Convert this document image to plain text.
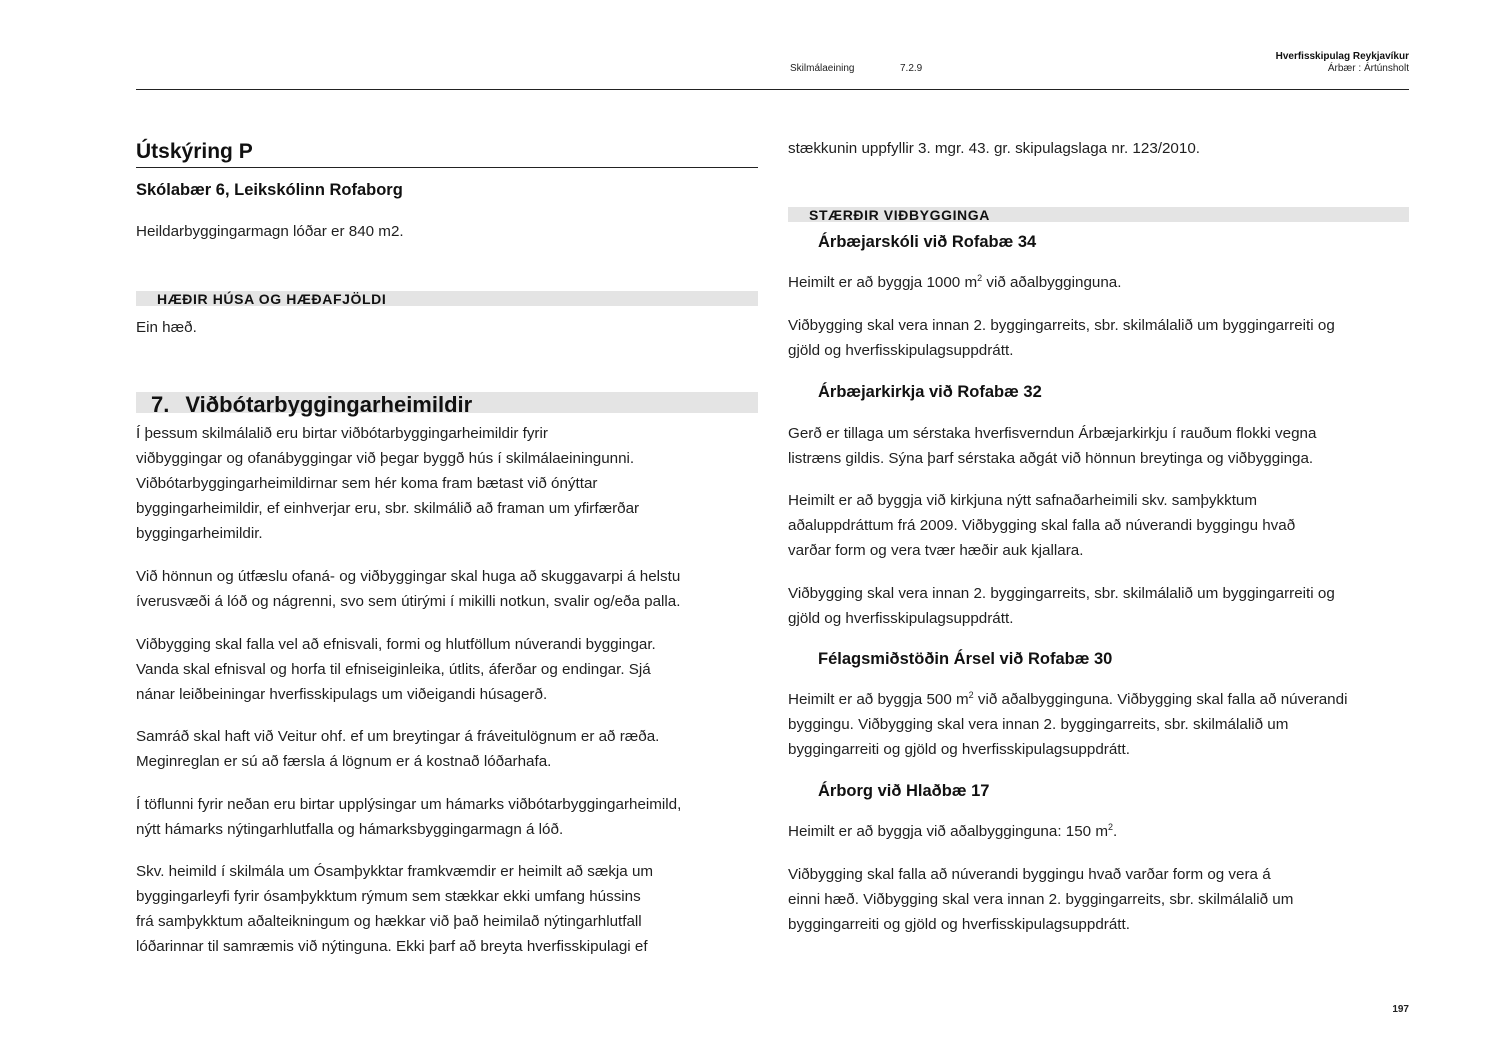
Skilmálaeining	7.2.9
Hverfisskipulag Reykjavíkur
Árbær : Ártúnsholt
Útskýring P
Skólabær 6, Leikskólinn Rofaborg

Heildarbyggingarmagn lóðar er 840 m2.

HÆÐIR HÚSA OG HÆÐAFJÖLDI

Ein hæð.

7. Viðbótarbyggingarheimildir
Í þessum skilmálalið eru birtar viðbótarbyggingarheimildir fyrir
viðbyggingar og ofanábyggingar við þegar byggð hús í skilmálaeiningunni.
Viðbótarbyggingarheimildirnar sem hér koma fram bætast við ónýttar
byggingarheimildir, ef einhverjar eru, sbr. skilmálið að framan um yfirfærðar
byggingarheimildir.
Við hönnun og útfæslu ofaná- og viðbyggingar skal huga að skuggavarpi á helstu
íverusvæði á lóð og nágrenni, svo sem útirými í mikilli notkun, svalir og/eða palla.
Viðbygging skal falla vel að efnisvali, formi og hlutföllum núverandi byggingar.
Vanda skal efnisval og horfa til efniseiginleika, útlits, áferðar og endingar. Sjá
nánar leiðbeiningar hverfisskipulags um viðeigandi húsagerð.
Samráð skal haft við Veitur ohf. ef um breytingar á fráveitulögnum er að ræða.
Meginreglan er sú að færsla á lögnum er á kostnað lóðarhafa.
Í töflunni fyrir neðan eru birtar upplýsingar um hámarks viðbótarbyggingarheimild,
nýtt hámarks nýtingarhlutfalla og hámarksbyggingarmagn á lóð.
Skv. heimild í skilmála um Ósamþykktar framkvæmdir er heimilt að sækja um
byggingarleyfi fyrir ósamþykktum rýmum sem stækkar ekki umfang hússins
frá samþykktum aðalteikningum og hækkar við það heimilað nýtingarhlutfall
lóðarinnar til samræmis við nýtinguna. Ekki þarf að breyta hverfisskipulagi ef

stækkunin uppfyllir 3. mgr. 43. gr. skipulagslaga nr. 123/2010.

STÆRÐIR VIÐBYGGINGA
Árbæjarskóli við Rofabæ 34
Heimilt er að byggja 1000 $m^2$ við aðalbygginguna.
Viðbygging skal vera innan 2. byggingarreits, sbr. skilmálalið um byggingarreiti og
gjöld og hverfisskipulagsuppdrátt.
Árbæjarkirkja við Rofabæ 32
Gerð er tillaga um sérstaka hverfisverndun Árbæjarkirkju í rauðum flokki vegna
listræns gildis. Sýna þarf sérstaka aðgát við hönnun breytinga og viðbygginga.
Heimilt er að byggja við kirkjuna nýtt safnaðarheimili skv. samþykktum
aðaluppdráttum frá 2009. Viðbygging skal falla að núverandi byggingu hvað
varðar form og vera tvær hæðir auk kjallara.
Viðbygging skal vera innan 2. byggingarreits, sbr. skilmálalið um byggingarreiti og
gjöld og hverfisskipulagsuppdrátt.
Félagsmiðstöðin Ársel við Rofabæ 30
Heimilt er að byggja 500 $m^2$ við aðalbygginguna. Viðbygging skal falla að núverandi
byggingu. Viðbygging skal vera innan 2. byggingarreits, sbr. skilmálalið um
byggingarreiti og gjöld og hverfisskipulagsuppdrátt.
Árborg við Hlaðbæ 17
Heimilt er að byggja við aðalbygginguna: 150 $m^2$.
Viðbygging skal falla að núverandi byggingu hvað varðar form og vera á
einni hæð. Viðbygging skal vera innan 2. byggingarreits, sbr. skilmálalið um
byggingarreiti og gjöld og hverfisskipulagsuppdrátt.
197
